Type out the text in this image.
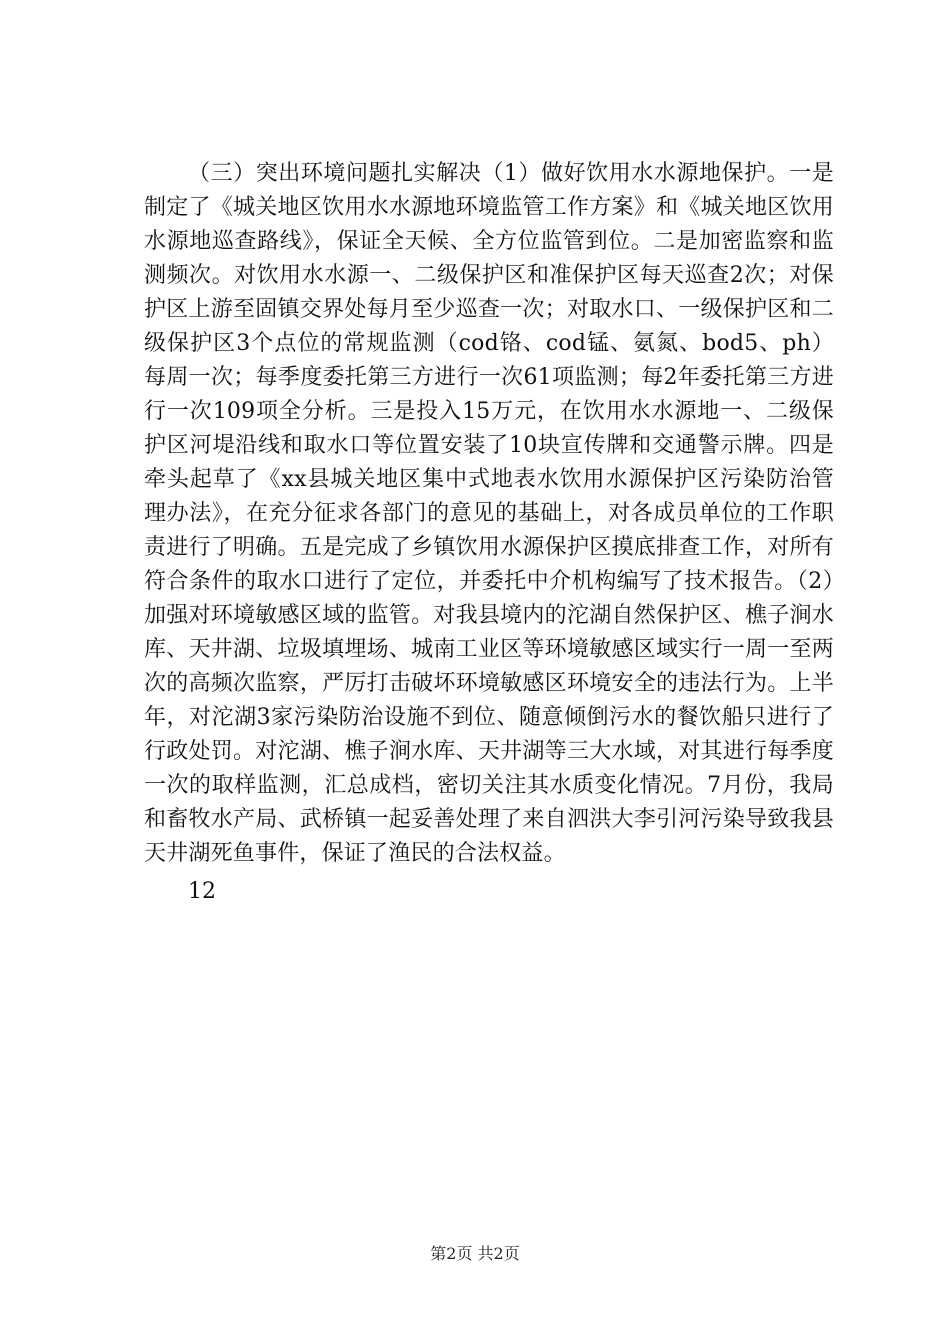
（三）突出环境问题扎实解决（1）做好饮用水水源地保护。一是制定了《城关地区饮用水水源地环境监管工作方案》和《城关地区饮用水源地巡查路线》，保证全天候、全方位监管到位。二是加密监察和监测频次。对饮用水水源一、二级保护区和准保护区每天巡查2次；对保护区上游至固镇交界处每月至少巡查一次；对取水口、一级保护区和二级保护区3个点位的常规监测（cod铬、cod锰、氨氮、bod5、ph）每周一次；每季度委托第三方进行一次61项监测；每2年委托第三方进行一次109项全分析。三是投入15万元，在饮用水水源地一、二级保护区河堤沿线和取水口等位置安装了10块宣传牌和交通警示牌。四是牵头起草了《xx县城关地区集中式地表水饮用水源保护区污染防治管理办法》，在充分征求各部门的意见的基础上，对各成员单位的工作职责进行了明确。五是完成了乡镇饮用水源保护区摸底排查工作，对所有符合条件的取水口进行了定位，并委托中介机构编写了技术报告。（2）加强对环境敏感区域的监管。对我县境内的沱湖自然保护区、樵子涧水库、天井湖、垃圾填埋场、城南工业区等环境敏感区域实行一周一至两次的高频次监察，严厉打击破坏环境敏感区环境安全的违法行为。上半年，对沱湖3家污染防治设施不到位、随意倾倒污水的餐饮船只进行了行政处罚。对沱湖、樵子涧水库、天井湖等三大水域，对其进行每季度一次的取样监测，汇总成档，密切关注其水质变化情况。7月份，我局和畜牧水产局、武桥镇一起妥善处理了来自泗洪大李引河污染导致我县天井湖死鱼事件，保证了渔民的合法权益。

12

第2页 共2页
